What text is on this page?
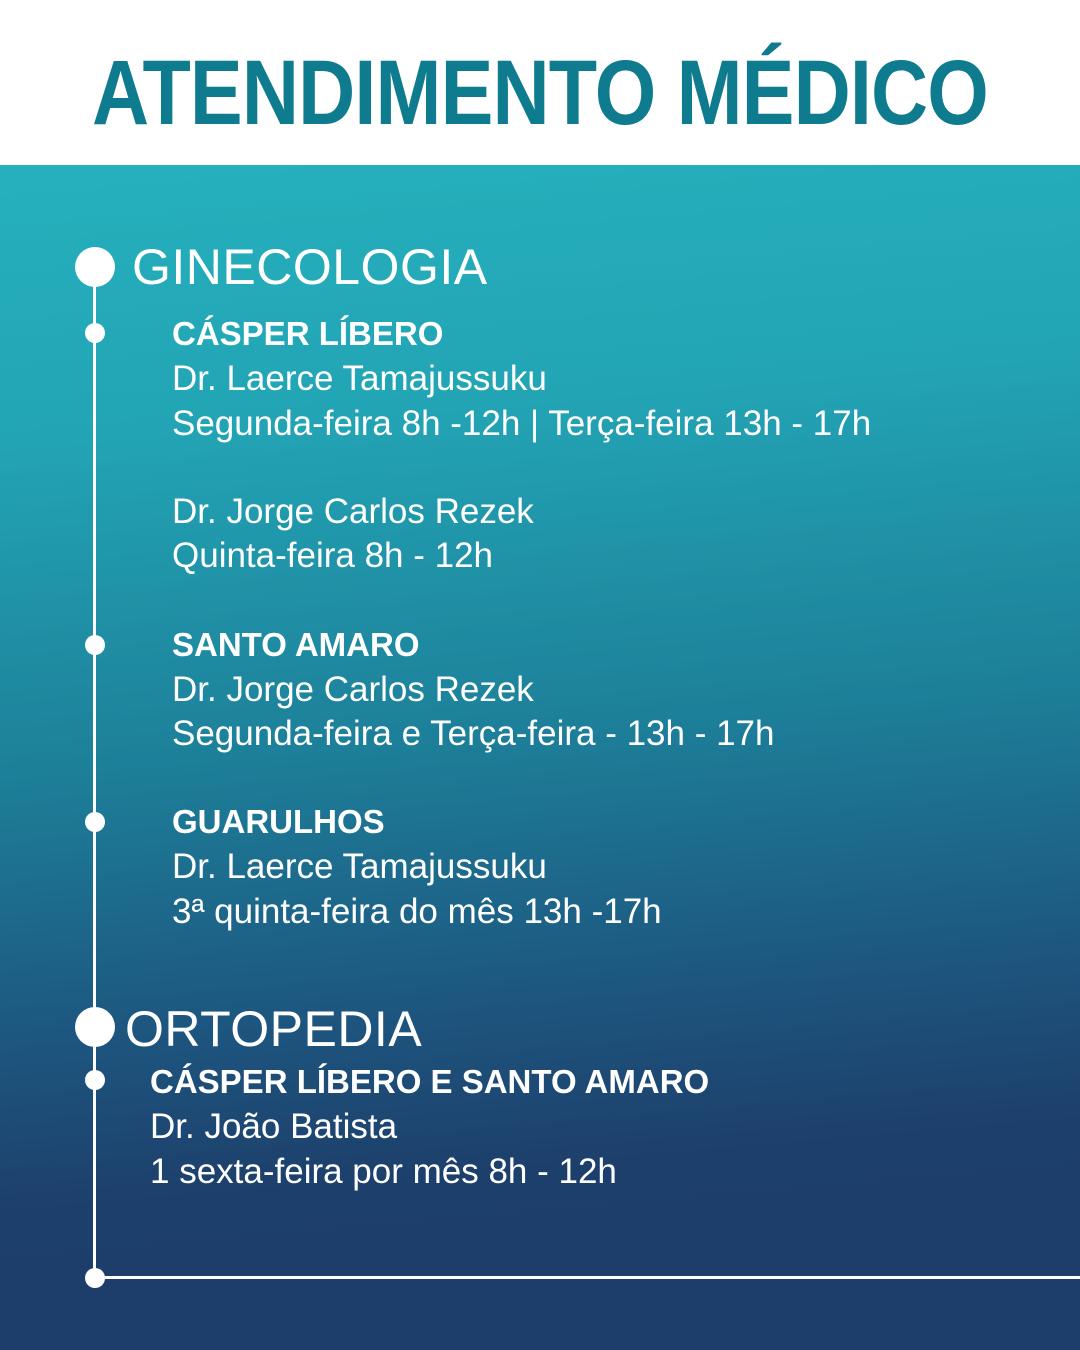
ATENDIMENTO MÉDICO
GINECOLOGIA
CÁSPER LÍBERO
Dr. Laerce Tamajussuku
Segunda-feira 8h -12h | Terça-feira 13h - 17h
Dr. Jorge Carlos Rezek
Quinta-feira 8h - 12h
SANTO AMARO
Dr. Jorge Carlos Rezek
Segunda-feira e Terça-feira - 13h - 17h
GUARULHOS
Dr. Laerce Tamajussuku
3ª quinta-feira do mês 13h -17h
ORTOPEDIA
CÁSPER LÍBERO E SANTO AMARO
Dr. João Batista
1 sexta-feira por mês 8h - 12h
